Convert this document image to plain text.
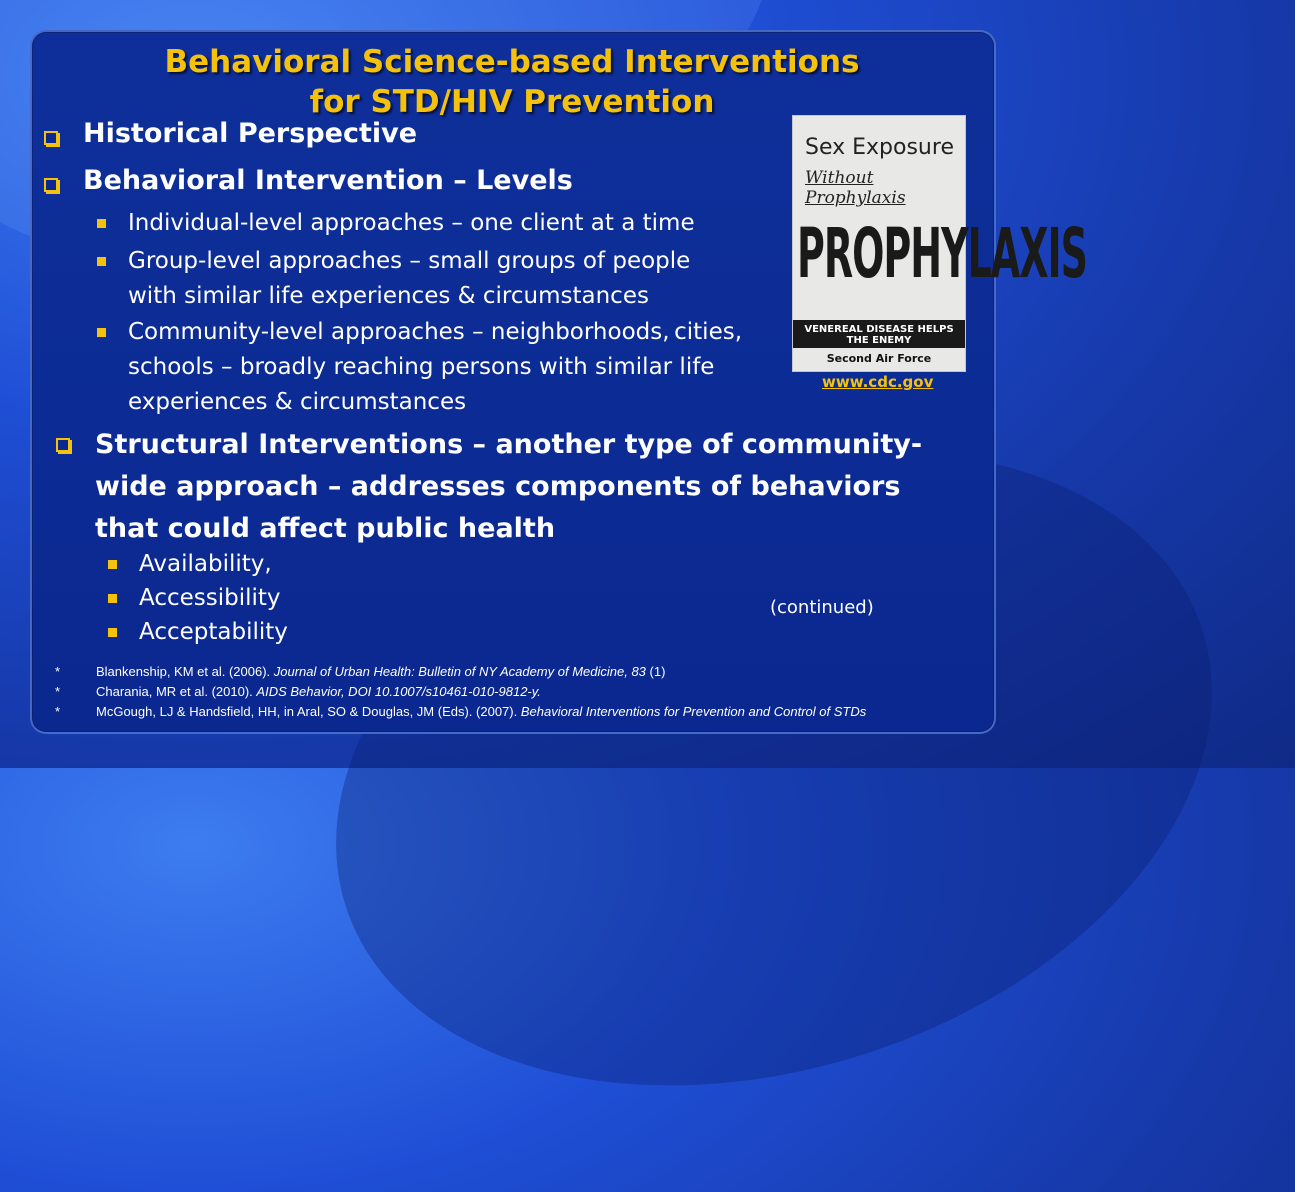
Behavioral Science-based Interventions
for STD/HIV Prevention
Historical Perspective
Behavioral Intervention – Levels
Individual-level approaches – one client at a time
Group-level approaches – small groups of people
with similar life experiences & circumstances
Community-level approaches – neighborhoods, cities,
schools – broadly reaching persons with similar life
experiences & circumstances
Sex Exposure
Without Prophylaxis
PROPHYLAXIS
VENEREAL DISEASE HELPS THE ENEMY
Second Air Force
www.cdc.gov
Structural Interventions – another type of community-
wide approach – addresses components of behaviors
that could affect public health
Availability,
Accessibility
Acceptability
(continued)
*	Blankenship, KM et al. (2006). Journal of Urban Health: Bulletin of NY Academy of Medicine, 83 (1)
*	Charania, MR et al. (2010). AIDS Behavior, DOI 10.1007/s10461-010-9812-y.
*	McGough, LJ & Handsfield, HH, in Aral, SO & Douglas, JM (Eds). (2007). Behavioral Interventions for Prevention and Control of STDs
